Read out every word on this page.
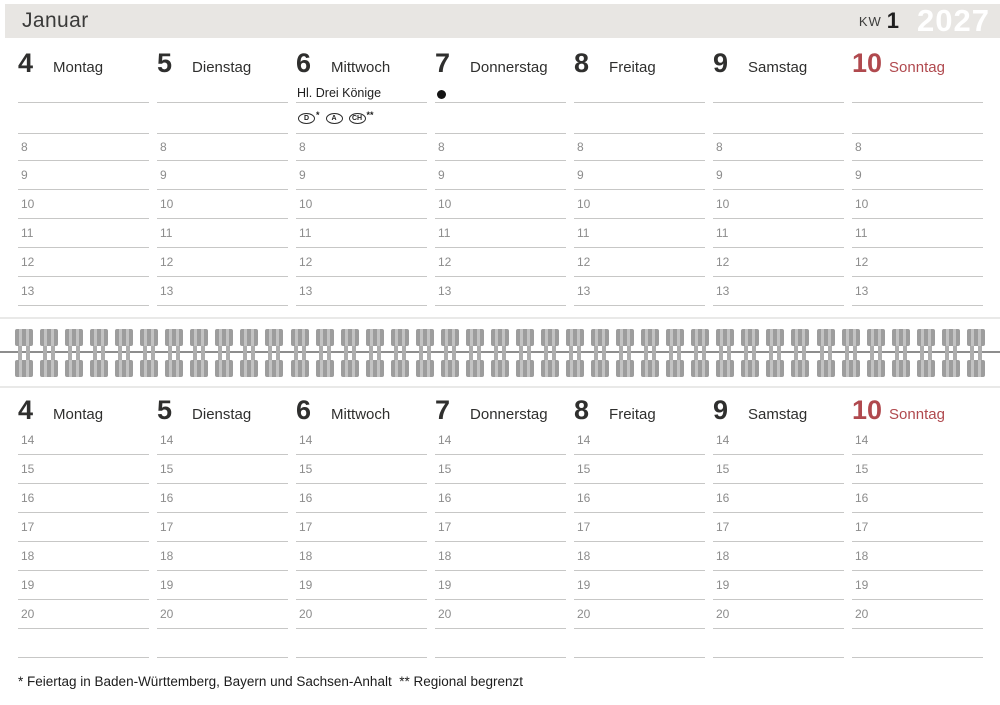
Januar	KW 1 2027
4 Montag
8
9
10
11
12
13
5 Dienstag
8
9
10
11
12
13
6 Mittwoch
Hl. Drei Könige
D *	A	CH **
8
9
10
11
12
13
7 Donnerstag
8
9
10
11
12
13
8 Freitag
8
9
10
11
12
13
9 Samstag
8
9
10
11
12
13
10 Sonntag
8
9
10
11
12
13
4 Montag
14
15
16
17
18
19
20
5 Dienstag
14
15
16
17
18
19
20
6 Mittwoch
14
15
16
17
18
19
20
7 Donnerstag
14
15
16
17
18
19
20
8 Freitag
14
15
16
17
18
19
20
9 Samstag
14
15
16
17
18
19
20
10 Sonntag
14
15
16
17
18
19
20
* Feiertag in Baden-Württemberg, Bayern und Sachsen-Anhalt  ** Regional begrenzt
